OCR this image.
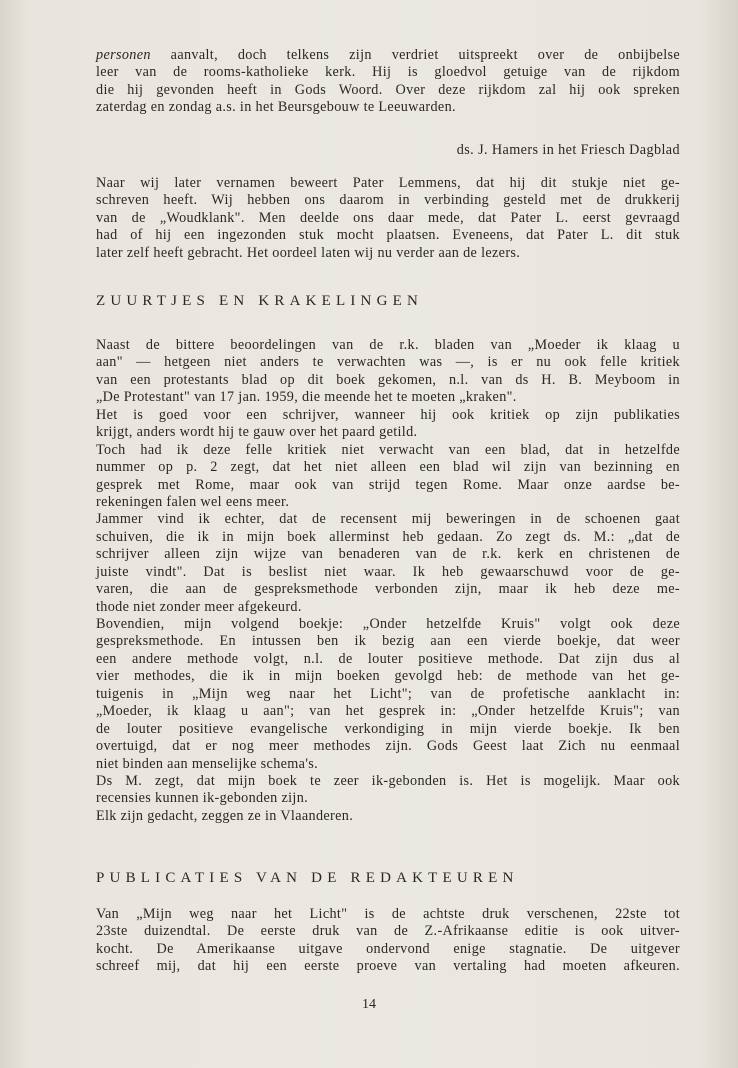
personen aanvalt, doch telkens zijn verdriet uitspreekt over de onbijbelse
leer van de rooms-katholieke kerk. Hij is gloedvol getuige van de rijkdom
die hij gevonden heeft in Gods Woord. Over deze rijkdom zal hij ook spreken
zaterdag en zondag a.s. in het Beursgebouw te Leeuwarden.
ds. J. Hamers in het Friesch Dagblad
Naar wij later vernamen beweert Pater Lemmens, dat hij dit stukje niet ge-
schreven heeft. Wij hebben ons daarom in verbinding gesteld met de drukkerij
van de „Woudklank". Men deelde ons daar mede, dat Pater L. eerst gevraagd
had of hij een ingezonden stuk mocht plaatsen. Eveneens, dat Pater L. dit stuk
later zelf heeft gebracht. Het oordeel laten wij nu verder aan de lezers.
ZUURTJES EN KRAKELINGEN
Naast de bittere beoordelingen van de r.k. bladen van „Moeder ik klaag u
aan" — hetgeen niet anders te verwachten was —, is er nu ook felle kritiek
van een protestants blad op dit boek gekomen, n.l. van ds H. B. Meyboom in
„De Protestant" van 17 jan. 1959, die meende het te moeten „kraken".
Het is goed voor een schrijver, wanneer hij ook kritiek op zijn publikaties
krijgt, anders wordt hij te gauw over het paard getild.
Toch had ik deze felle kritiek niet verwacht van een blad, dat in hetzelfde
nummer op p. 2 zegt, dat het niet alleen een blad wil zijn van bezinning en
gesprek met Rome, maar ook van strijd tegen Rome. Maar onze aardse be-
rekeningen falen wel eens meer.
Jammer vind ik echter, dat de recensent mij beweringen in de schoenen gaat
schuiven, die ik in mijn boek allerminst heb gedaan. Zo zegt ds. M.: „dat de
schrijver alleen zijn wijze van benaderen van de r.k. kerk en christenen de
juiste vindt". Dat is beslist niet waar. Ik heb gewaarschuwd voor de ge-
varen, die aan de gespreksmethode verbonden zijn, maar ik heb deze me-
thode niet zonder meer afgekeurd.
Bovendien, mijn volgend boekje: „Onder hetzelfde Kruis" volgt ook deze
gespreksmethode. En intussen ben ik bezig aan een vierde boekje, dat weer
een andere methode volgt, n.l. de louter positieve methode. Dat zijn dus al
vier methodes, die ik in mijn boeken gevolgd heb: de methode van het ge-
tuigenis in „Mijn weg naar het Licht"; van de profetische aanklacht in:
„Moeder, ik klaag u aan"; van het gesprek in: „Onder hetzelfde Kruis"; van
de louter positieve evangelische verkondiging in mijn vierde boekje. Ik ben
overtuigd, dat er nog meer methodes zijn. Gods Geest laat Zich nu eenmaal
niet binden aan menselijke schema's.
Ds M. zegt, dat mijn boek te zeer ik-gebonden is. Het is mogelijk. Maar ook
recensies kunnen ik-gebonden zijn.
Elk zijn gedacht, zeggen ze in Vlaanderen.
PUBLICATIES VAN DE REDAKTEUREN
Van „Mijn weg naar het Licht" is de achtste druk verschenen, 22ste tot
23ste duizendtal. De eerste druk van de Z.-Afrikaanse editie is ook uitver-
kocht. De Amerikaanse uitgave ondervond enige stagnatie. De uitgever
schreef mij, dat hij een eerste proeve van vertaling had moeten afkeuren.
14
